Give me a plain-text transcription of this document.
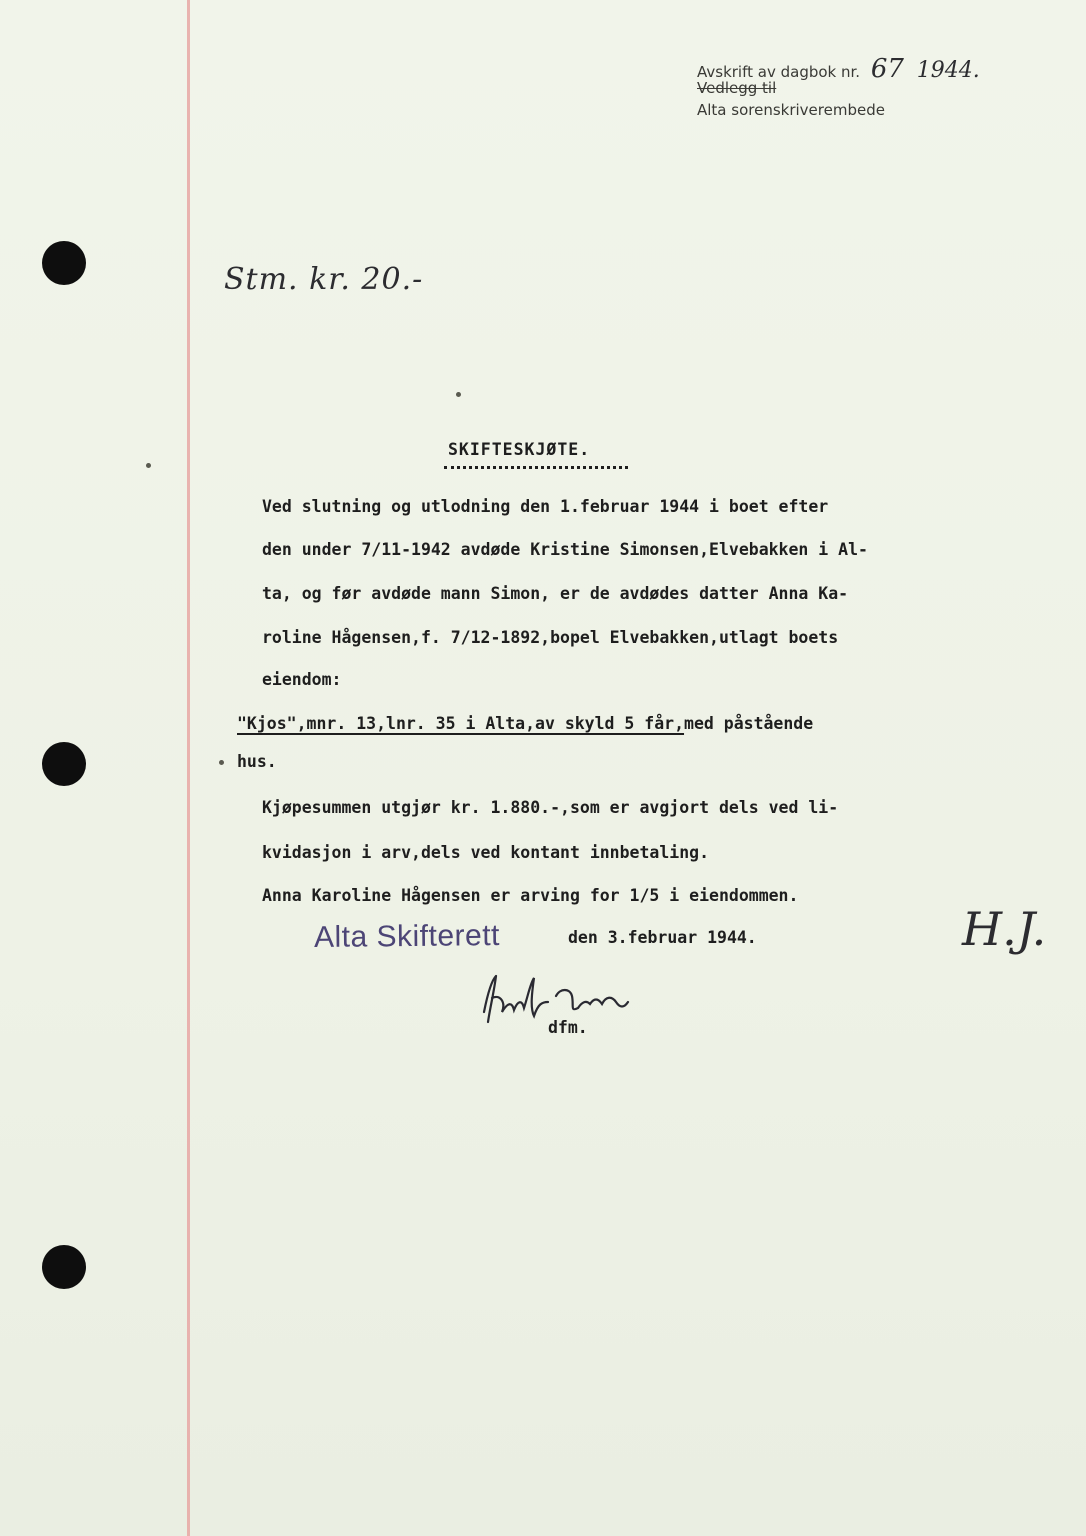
Avskrift av dagbok nr. 67 1944.
Vedlegg til
Alta sorenskriverembede
Stm. kr. 20.-
SKIFTESKJØTE.
Ved slutning og utlodning den 1.februar 1944 i boet efter
den under 7/11-1942 avdøde Kristine Simonsen,Elvebakken i Al-
ta, og før avdøde mann Simon, er de avdødes datter Anna Ka-
roline Hågensen,f. 7/12-1892,bopel Elvebakken,utlagt boets
eiendom:
"Kjos",mnr. 13,lnr. 35 i Alta,av skyld 5 får,med påstående
hus.
Kjøpesummen utgjør kr. 1.880.-,som er avgjort dels ved li-
kvidasjon i arv,dels ved kontant innbetaling.
Anna Karoline Hågensen er arving for 1/5 i eiendommen.
Alta Skifterett	den 3.februar 1944.
dfm.
H.J.
